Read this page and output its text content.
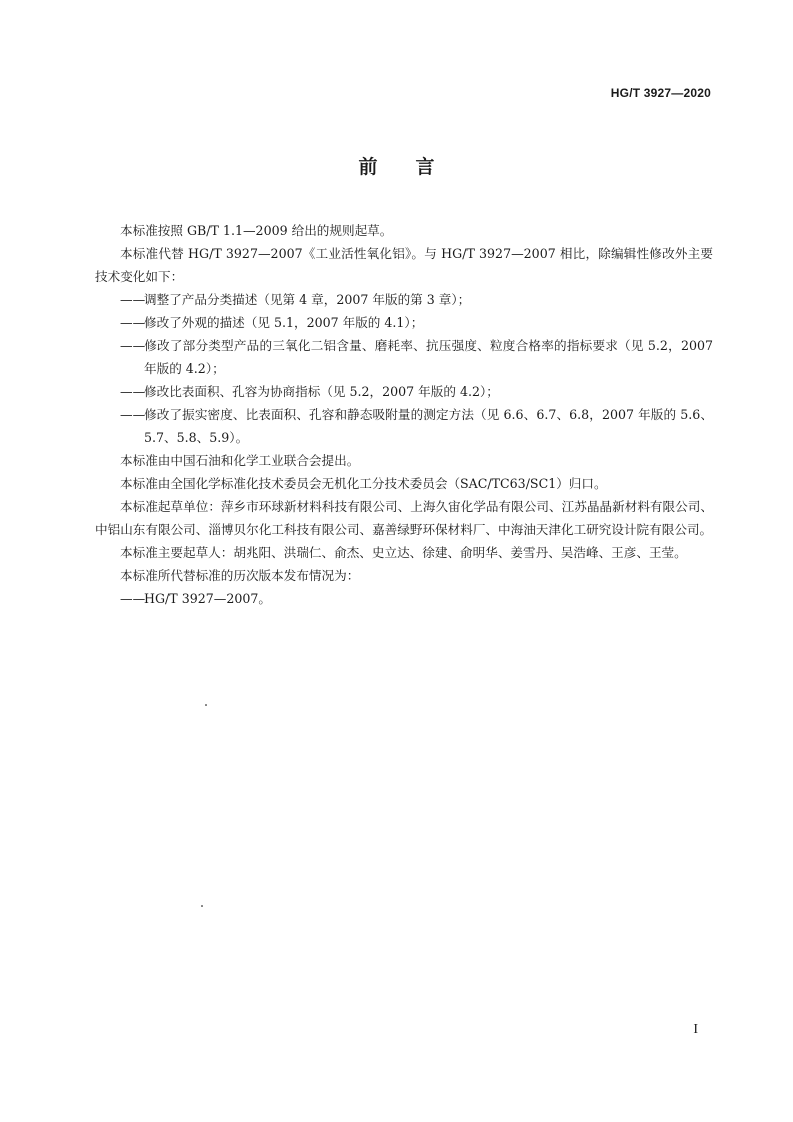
HG/T 3927—2020
前 言

本标准按照 GB/T 1.1—2009 给出的规则起草。

本标准代替 HG/T 3927—2007《工业活性氧化铝》。与 HG/T 3927—2007 相比，除编辑性修改外主要技术变化如下：

——调整了产品分类描述（见第 4 章，2007 年版的第 3 章）；

——修改了外观的描述（见 5.1，2007 年版的 4.1）；

——修改了部分类型产品的三氧化二铝含量、磨耗率、抗压强度、粒度合格率的指标要求（见 5.2，2007 年版的 4.2）；

——修改比表面积、孔容为协商指标（见 5.2，2007 年版的 4.2）；

——修改了振实密度、比表面积、孔容和静态吸附量的测定方法（见 6.6、6.7、6.8，2007 年版的 5.6、5.7、5.8、5.9）。

本标准由中国石油和化学工业联合会提出。

本标准由全国化学标准化技术委员会无机化工分技术委员会（SAC/TC63/SC1）归口。

本标准起草单位：萍乡市环球新材料科技有限公司、上海久宙化学品有限公司、江苏晶晶新材料有限公司、中铝山东有限公司、淄博贝尔化工科技有限公司、嘉善绿野环保材料厂、中海油天津化工研究设计院有限公司。

本标准主要起草人：胡兆阳、洪瑞仁、俞杰、史立达、徐建、俞明华、姜雪丹、吴浩峰、王彦、王莹。

本标准所代替标准的历次版本发布情况为：

——HG/T 3927—2007。

I
